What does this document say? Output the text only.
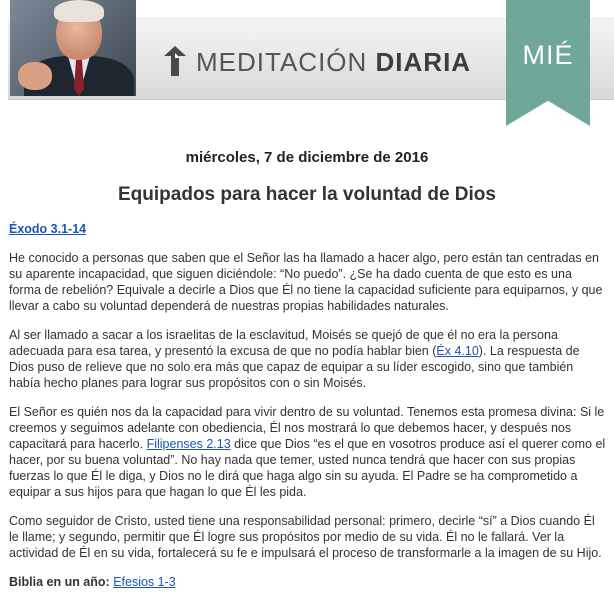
MEDITACIÓN DIARIA	MIÉ
miércoles, 7 de diciembre de 2016
Equipados para hacer la voluntad de Dios

Éxodo 3.1-14

He conocido a personas que saben que el Señor las ha llamado a hacer algo, pero están tan centradas en su aparente incapacidad, que siguen diciéndole: “No puedo”. ¿Se ha dado cuenta de que esto es una forma de rebelión? Equivale a decirle a Dios que Él no tiene la capacidad suficiente para equiparnos, y que llevar a cabo su voluntad dependerá de nuestras propias habilidades naturales.

Al ser llamado a sacar a los israelitas de la esclavitud, Moisés se quejó de que él no era la persona adecuada para esa tarea, y presentó la excusa de que no podía hablar bien (Éx 4.10). La respuesta de Dios puso de relieve que no solo era más que capaz de equipar a su líder escogido, sino que también había hecho planes para lograr sus propósitos con o sin Moisés.

El Señor es quién nos da la capacidad para vivir dentro de su voluntad. Tenemos esta promesa divina: Si le creemos y seguimos adelante con obediencia, Él nos mostrará lo que debemos hacer, y después nos capacitará para hacerlo. Filipenses 2.13 dice que Dios “es el que en vosotros produce así el querer como el hacer, por su buena voluntad”. No hay nada que temer, usted nunca tendrá que hacer con sus propias fuerzas lo que Él le diga, y Dios no le dirá que haga algo sin su ayuda. El Padre se ha comprometido a equipar a sus hijos para que hagan lo que Él les pida.

Como seguidor de Cristo, usted tiene una responsabilidad personal: primero, decirle “sí” a Dios cuando Él le llame; y segundo, permitir que Él logre sus propósitos por medio de su vida. Él no le fallará. Ver la actividad de Él en su vida, fortalecerá su fe e impulsará el proceso de transformarle a la imagen de su Hijo.

Biblia en un año: Efesios 1-3
